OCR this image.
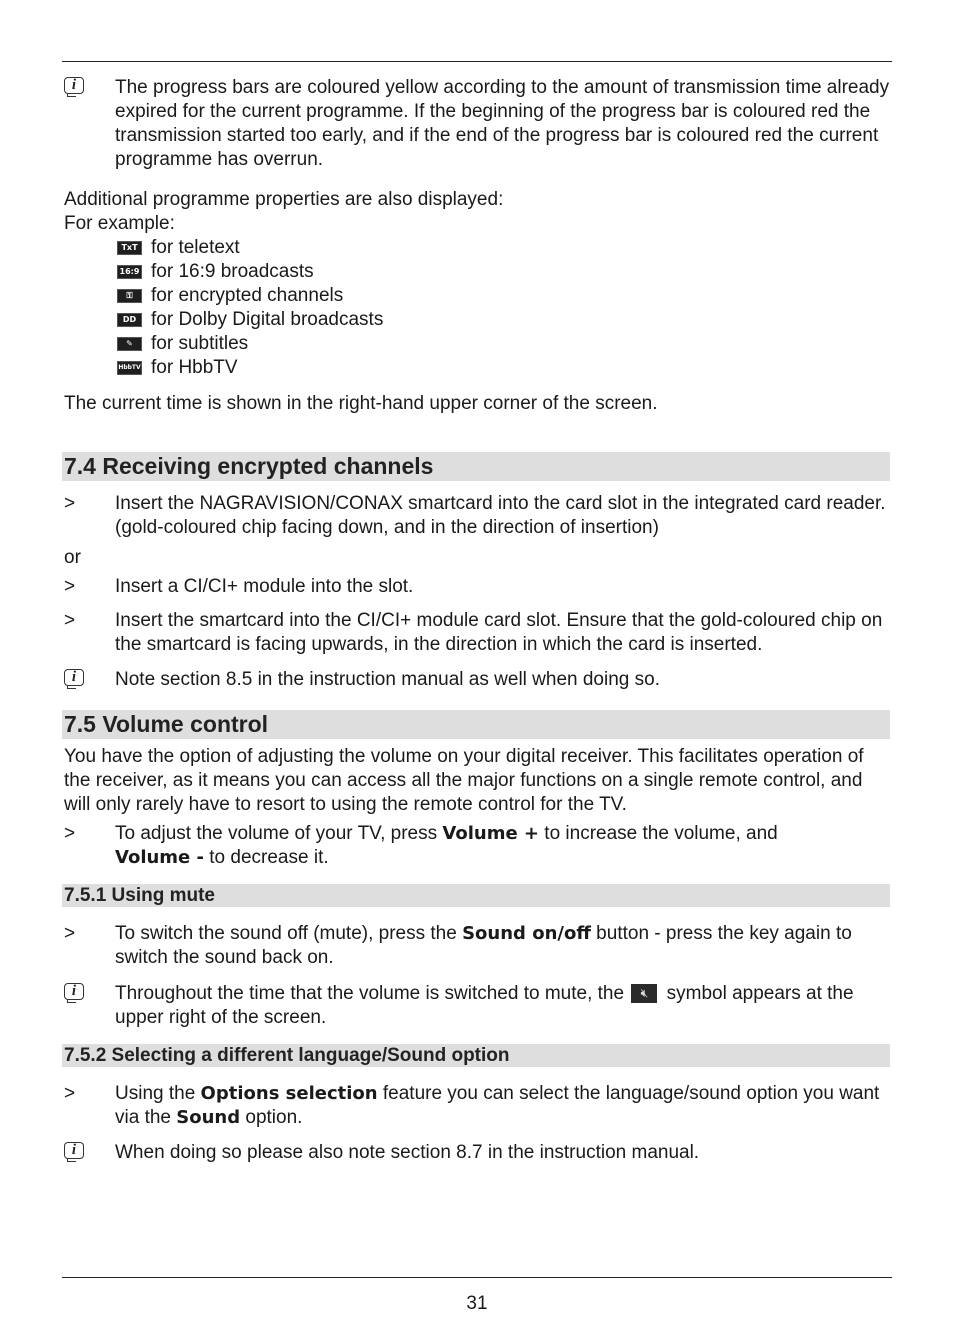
i	The progress bars are coloured yellow according to the amount of transmission time already expired for the current programme. If the beginning of the progress bar is coloured red the transmission started too early, and if the end of the progress bar is coloured red the current programme has overrun.
Additional programme properties are also displayed:
For example:
TxT for teletext
16:9 for 16:9 broadcasts
⚿ for encrypted channels
DD for Dolby Digital broadcasts
✎ for subtitles
HbbTV for HbbTV
The current time is shown in the right-hand upper corner of the screen.
7.4 Receiving encrypted channels
>	Insert the NAGRAVISION/CONAX smartcard into the card slot in the integrated card reader. (gold-coloured chip facing down, and in the direction of insertion)
or
>	Insert a CI/CI+ module into the slot.
>	Insert the smartcard into the CI/CI+ module card slot. Ensure that the gold-coloured chip on the smartcard is facing upwards, in the direction in which the card is inserted.
i	Note section 8.5 in the instruction manual as well when doing so.
7.5 Volume control
You have the option of adjusting the volume on your digital receiver. This facilitates operation of the receiver, as it means you can access all the major functions on a single remote control, and will only rarely have to resort to using the remote control for the TV.
>	To adjust the volume of your TV, press Volume + to increase the volume, and
Volume - to decrease it.
7.5.1 Using mute
>	To switch the sound off (mute), press the Sound on/off button - press the key again to switch the sound back on.
i	Throughout the time that the volume is switched to mute, the 🔇︎ symbol appears at the upper right of the screen.
7.5.2 Selecting a different language/Sound option
>	Using the Options selection feature you can select the language/sound option you want via the Sound option.
i	When doing so please also note section 8.7 in the instruction manual.
31
